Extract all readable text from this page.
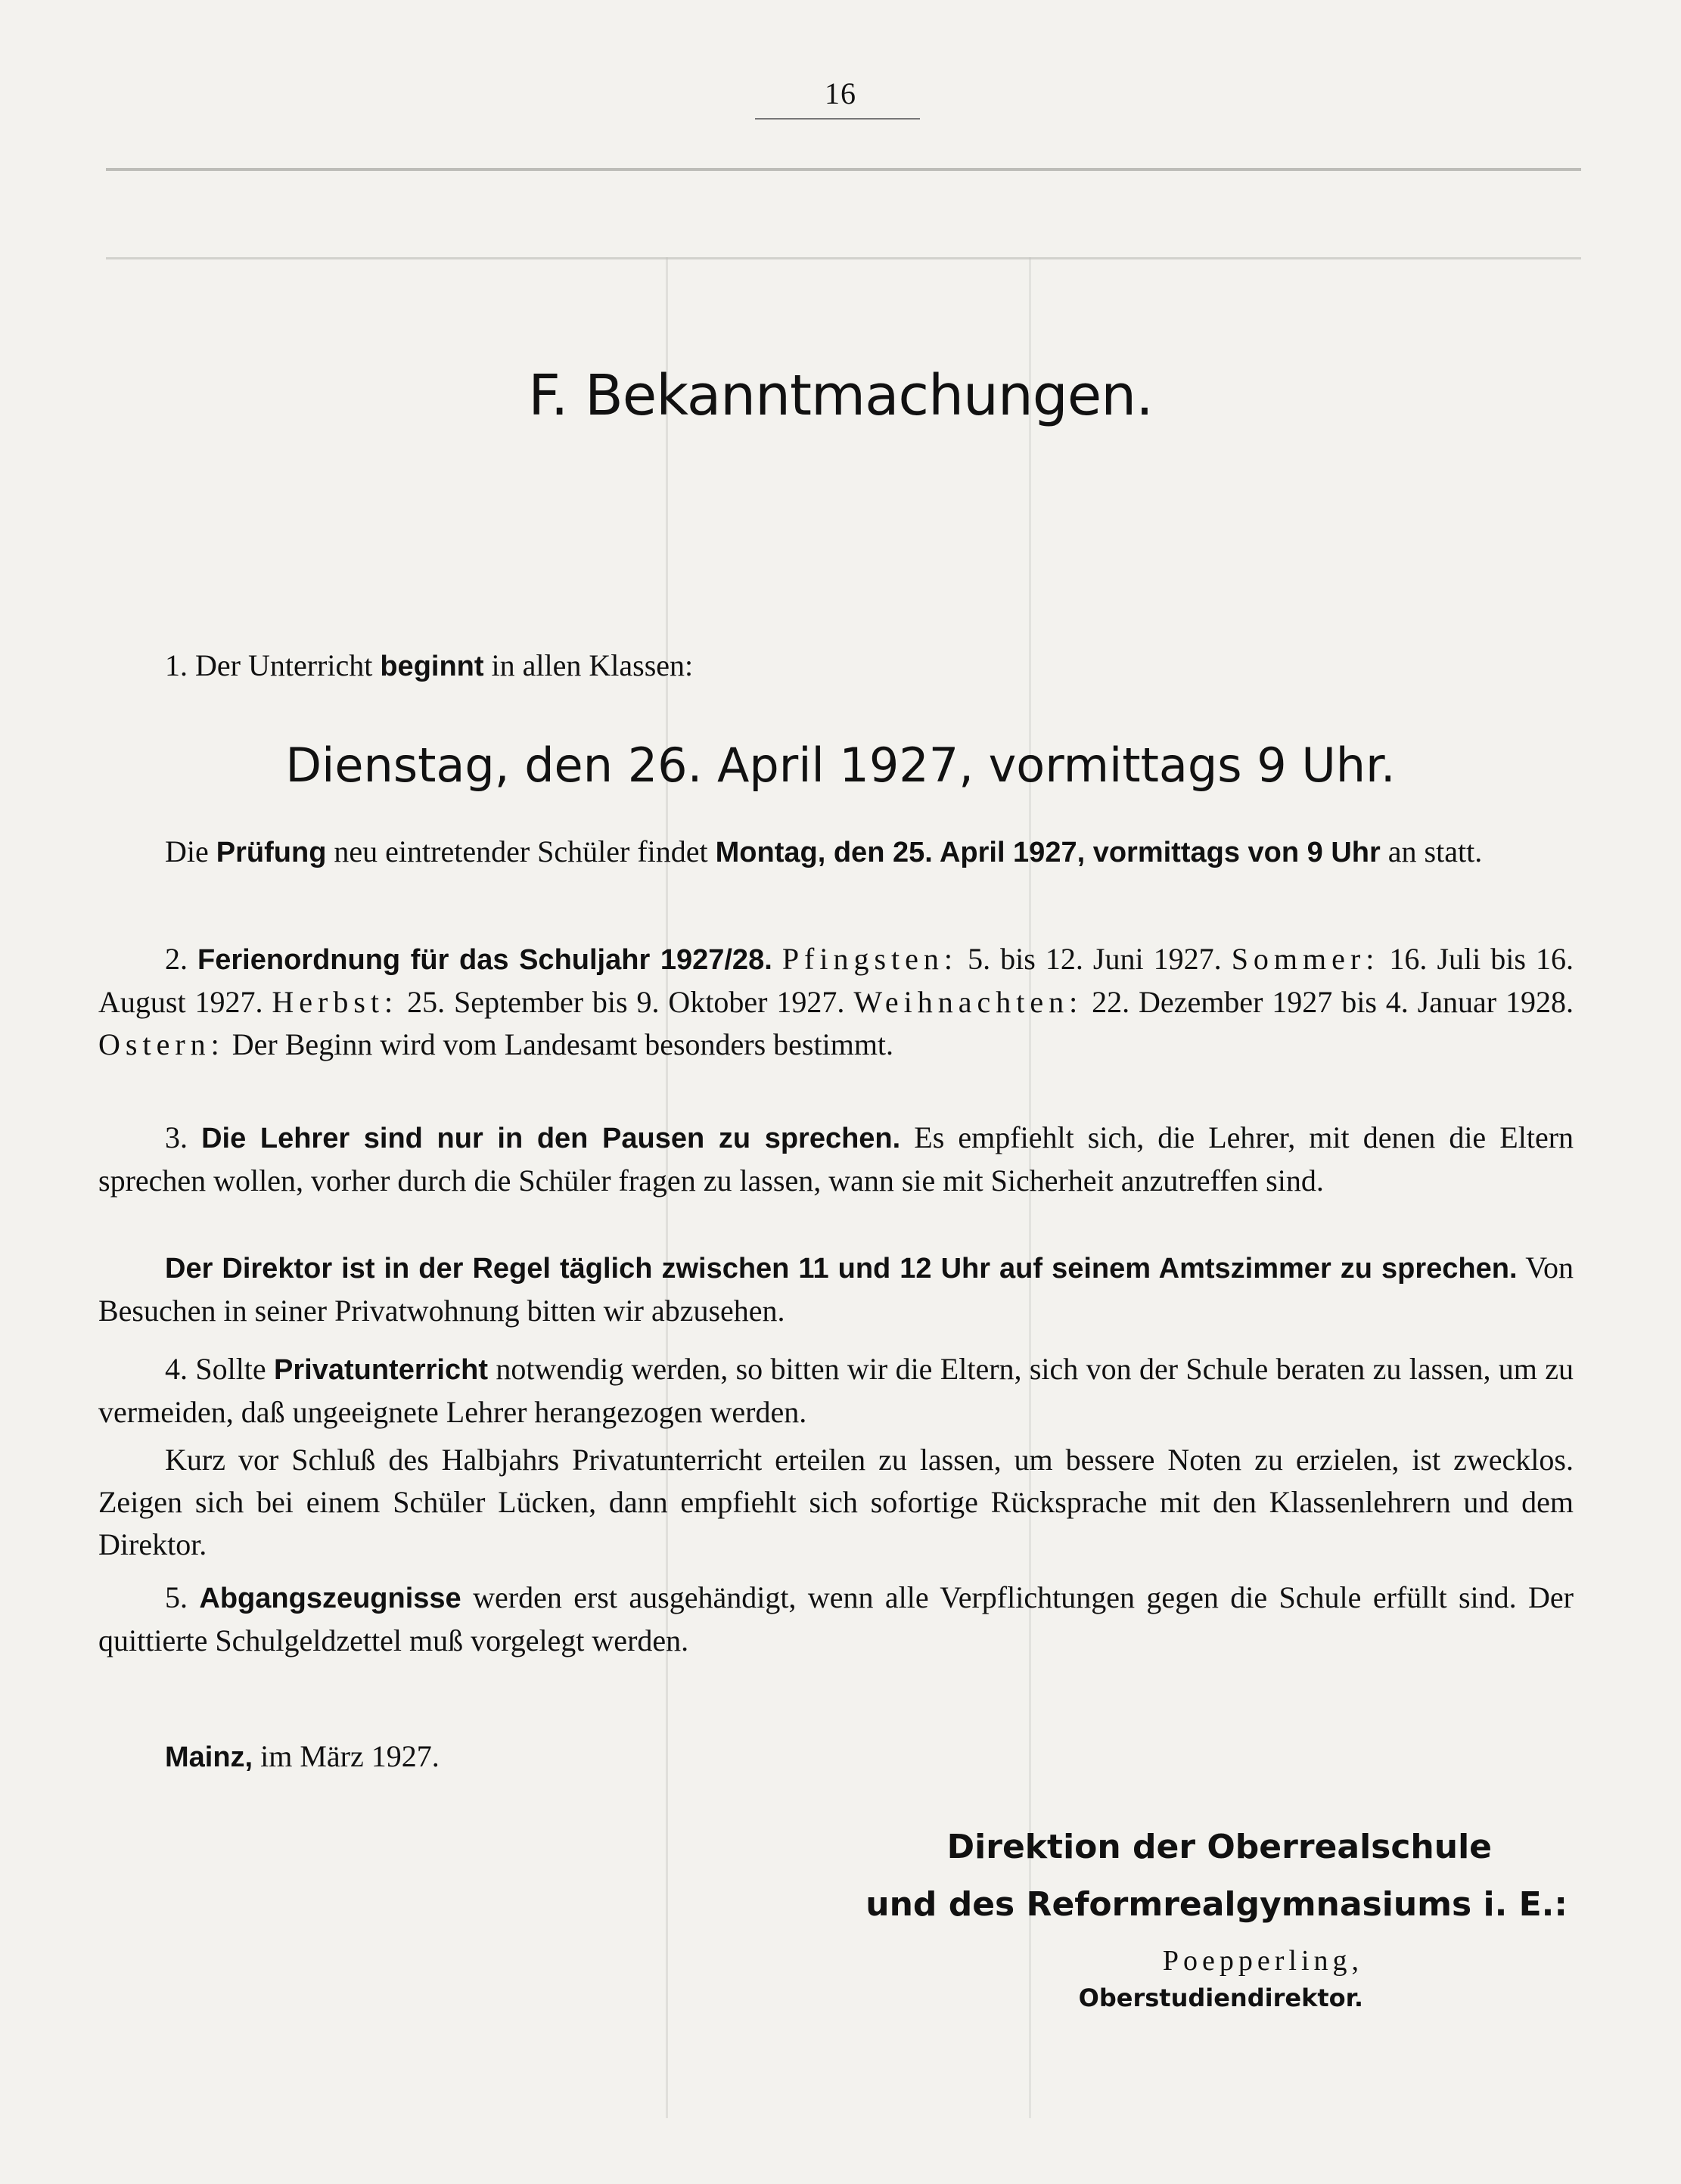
16
F. Bekanntmachungen.
1. Der Unterricht beginnt in allen Klassen:
Dienstag, den 26. April 1927, vormittags 9 Uhr.
Die Prüfung neu eintretender Schüler findet Montag, den 25. April 1927, vormittags von 9 Uhr an statt.
2. Ferienordnung für das Schuljahr 1927/28. Pfingsten: 5. bis 12. Juni 1927. Sommer: 16. Juli bis 16. August 1927. Herbst: 25. September bis 9. Oktober 1927. Weihnachten: 22. Dezember 1927 bis 4. Januar 1928. Ostern: Der Beginn wird vom Landesamt besonders bestimmt.
3. Die Lehrer sind nur in den Pausen zu sprechen. Es empfiehlt sich, die Lehrer, mit denen die Eltern sprechen wollen, vorher durch die Schüler fragen zu lassen, wann sie mit Sicherheit anzutreffen sind.
Der Direktor ist in der Regel täglich zwischen 11 und 12 Uhr auf seinem Amtszimmer zu sprechen. Von Besuchen in seiner Privatwohnung bitten wir abzusehen.
4. Sollte Privatunterricht notwendig werden, so bitten wir die Eltern, sich von der Schule beraten zu lassen, um zu vermeiden, daß ungeeignete Lehrer herangezogen werden.
Kurz vor Schluß des Halbjahrs Privatunterricht erteilen zu lassen, um bessere Noten zu erzielen, ist zwecklos. Zeigen sich bei einem Schüler Lücken, dann empfiehlt sich sofortige Rücksprache mit den Klassenlehrern und dem Direktor.
5. Abgangszeugnisse werden erst ausgehändigt, wenn alle Verpflichtungen gegen die Schule erfüllt sind. Der quittierte Schulgeldzettel muß vorgelegt werden.
Mainz, im März 1927.
Direktion der Oberrealschule
und des Reformrealgymnasiums i. E.:
Poepperling,
Oberstudiendirektor.
